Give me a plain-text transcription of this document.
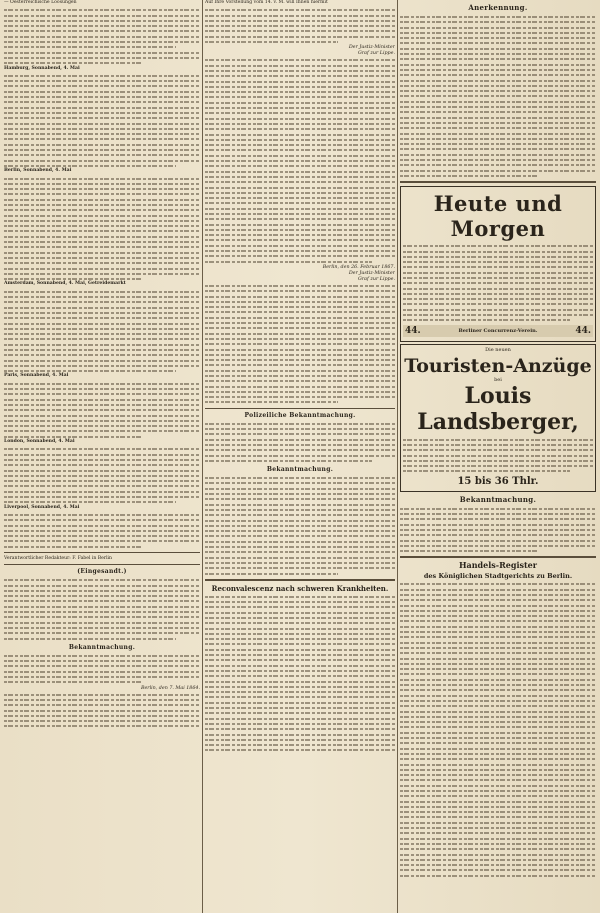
— Oesterreichische Loosungen

Hamburg, Sonnabend, 4. Mai

Berlin, Sonnabend, 4. Mai

Amsterdam, Sonnabend, 4. Mai, Getreidemarkt

Paris, Sonnabend, 4. Mai

London, Sonnabend, 4. Mai

Liverpool, Sonnabend, 4. Mai

Verantwortlicher Redakteur: F. Fabel in Berlin

(Eingesandt.)

Bekanntmachung.

Berlin, den 7. Mai 1864.

Auf Ihre Vorstellung vom 14. v. M. will Ihnen hiermit

Der Justiz-Minister

Graf zur Lippe.

Berlin, den 26. Februar 1867.

Der Justiz-Minister

Graf zur Lippe.

Polizeiliche Bekanntmachung.

Bekanntmachung.

Reconvalescenz nach schweren Krankheiten.

Anerkennung.

Heute und Morgen

44.	Berliner Concurrenz-Verein.	44.

Die neuen

Touristen-Anzüge

bei

Louis Landsberger,

15 bis 36 Thlr.

Bekanntmachung.

Handels-Register

des Königlichen Stadtgerichts zu Berlin.
